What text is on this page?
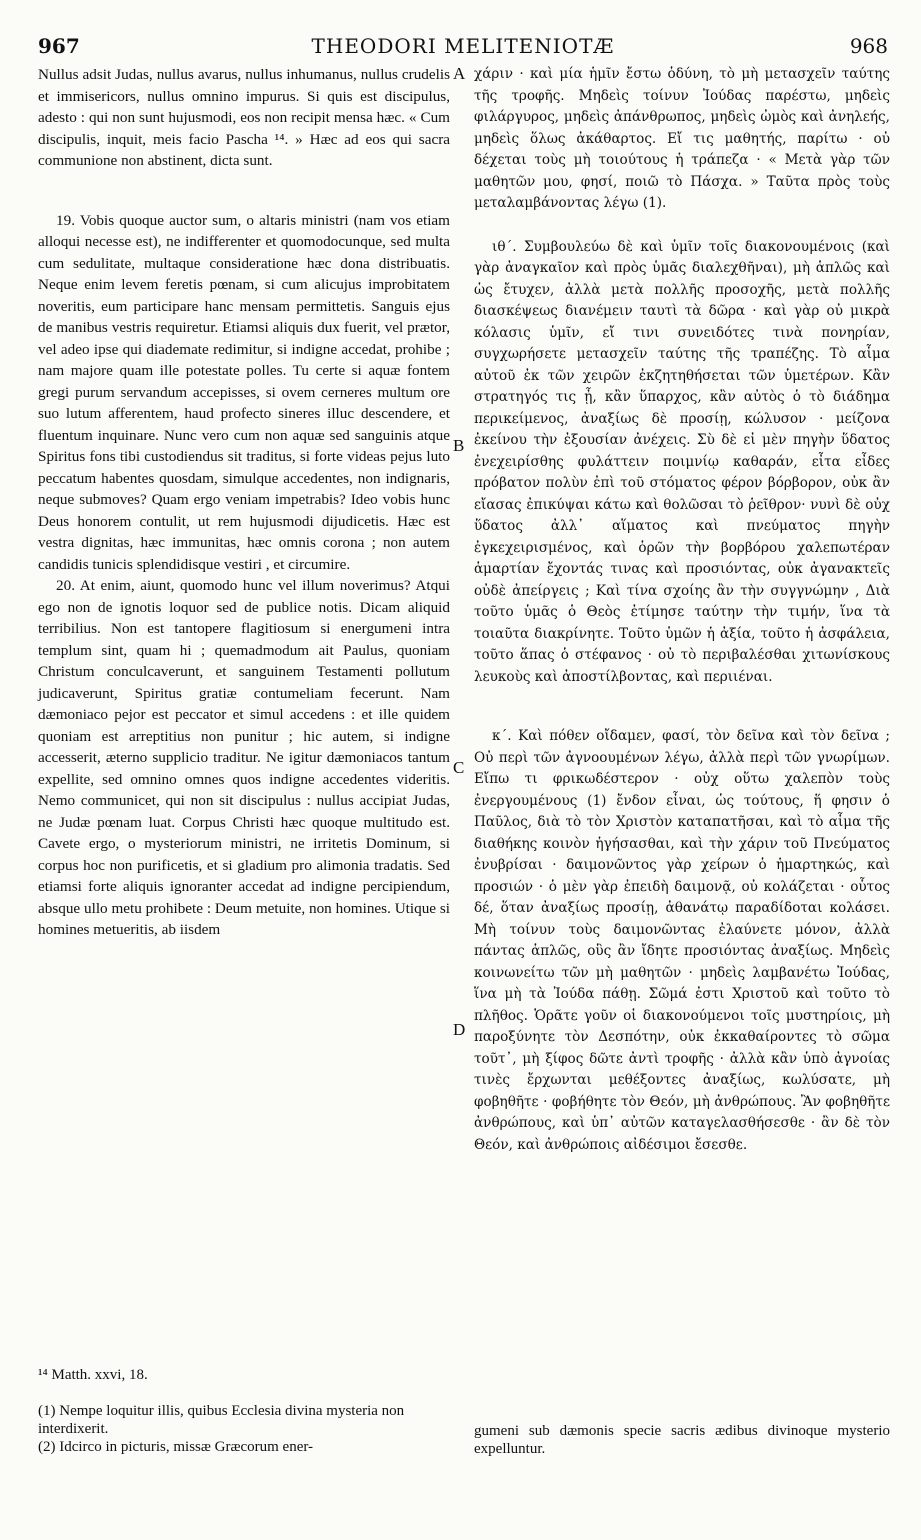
967	THEODORI MELITENIOTÆ	968
A
B
C
D

Nullus adsit Judas, nullus avarus, nullus inhumanus, nullus crudelis et immisericors, nullus omnino impurus. Si quis est discipulus, adesto : qui non sunt hujusmodi, eos non recipit mensa hæc. « Cum discipulis, inquit, meis facio Pascha ¹⁴. » Hæc ad eos qui sacra communione non abstinent, dicta sunt.

19. Vobis quoque auctor sum, o altaris ministri (nam vos etiam alloqui necesse est), ne indifferenter et quomodocunque, sed multa cum sedulitate, multaque consideratione hæc dona distribuatis. Neque enim levem feretis pœnam, si cum alicujus improbitatem noveritis, eum participare hanc mensam permittetis. Sanguis ejus de manibus vestris requiretur. Etiamsi aliquis dux fuerit, vel prætor, vel adeo ipse qui diademate redimitur, si indigne accedat, prohibe ; nam majore quam ille potestate polles. Tu certe si aquæ fontem gregi purum servandum accepisses, si ovem cerneres multum ore suo lutum afferentem, haud profecto sineres illuc descendere, et fluentum inquinare. Nunc vero cum non aquæ sed sanguinis atque Spiritus fons tibi custodiendus sit traditus, si forte videas pejus luto peccatum habentes quosdam, simulque accedentes, non indignaris, neque submoves? Quam ergo veniam impetrabis? Ideo vobis hunc Deus honorem contulit, ut rem hujusmodi dijudicetis. Hæc est vestra dignitas, hæc immunitas, hæc omnis corona ; non autem candidis tunicis splendidisque vestiri , et circumire.

20. At enim, aiunt, quomodo hunc vel illum noverimus? Atqui ego non de ignotis loquor sed de publice notis. Dicam aliquid terribilius. Non est tantopere flagitiosum si energumeni intra templum sint, quam hi ; quemadmodum ait Paulus, quoniam Christum conculcaverunt, et sanguinem Testamenti pollutum judicaverunt, Spiritus gratiæ contumeliam fecerunt. Nam dæmoniaco pejor est peccator et simul accedens : et ille quidem quoniam est arreptitius non punitur ; hic autem, si indigne accesserit, æterno supplicio traditur. Ne igitur dæmoniacos tantum expellite, sed omnino omnes quos indigne accedentes videritis. Nemo communicet, qui non sit discipulus : nullus accipiat Judas, ne Judæ pœnam luat. Corpus Christi hæc quoque multitudo est. Cavete ergo, o mysteriorum ministri, ne irritetis Dominum, si corpus hoc non purificetis, et si gladium pro alimonia tradatis. Sed etiamsi forte aliquis ignoranter accedat ad indigne percipiendum, absque ullo metu prohibete : Deum metuite, non homines. Utique si homines metueritis, ab iisdem

χάριν · καὶ μία ἡμῖν ἔστω ὁδύνη, τὸ μὴ μετασχεῖν ταύτης τῆς τροφῆς. Μηδεὶς τοίνυν Ἰούδας παρέστω, μηδεὶς φιλάργυρος, μηδεὶς ἀπάνθρωπος, μηδεὶς ὠμὸς καὶ ἀνηλεής, μηδεὶς ὅλως ἀκάθαρτος. Εἴ τις μαθητής, παρίτω · οὐ δέχεται τοὺς μὴ τοιούτους ἡ τράπεζα · « Μετὰ γὰρ τῶν μαθητῶν μου, φησί, ποιῶ τὸ Πάσχα. » Ταῦτα πρὸς τοὺς μεταλαμβάνοντας λέγω (1).

ιθ΄. Συμβουλεύω δὲ καὶ ὑμῖν τοῖς διακονουμένοις (καὶ γὰρ ἀναγκαῖον καὶ πρὸς ὑμᾶς διαλεχθῆναι), μὴ ἁπλῶς καὶ ὡς ἔτυχεν, ἀλλὰ μετὰ πολλῆς προσοχῆς, μετὰ πολλῆς διασκέψεως διανέμειν ταυτὶ τὰ δῶρα · καὶ γὰρ οὐ μικρὰ κόλασις ὑμῖν, εἴ τινι συνειδότες τινὰ πονηρίαν, συγχωρήσετε μετασχεῖν ταύτης τῆς τραπέζης. Τὸ αἷμα αὐτοῦ ἐκ τῶν χειρῶν ἐκζητηθήσεται τῶν ὑμετέρων. Κἂν στρατηγός τις ᾖ, κἂν ὕπαρχος, κἂν αὐτὸς ὁ τὸ διάδημα περικείμενος, ἀναξίως δὲ προσίῃ, κώλυσον · μείζονα ἐκείνου τὴν ἐξουσίαν ἀνέχεις. Σὺ δὲ εἰ μὲν πηγὴν ὕδατος ἐνεχειρίσθης φυλάττειν ποιμνίῳ καθαράν, εἶτα εἶδες πρόβατον πολὺν ἐπὶ τοῦ στόματος φέρον βόρβορον, οὐκ ἂν εἴασας ἐπικύψαι κάτω καὶ θολῶσαι τὸ ῥεῖθρον· νυνὶ δὲ οὐχ ὕδατος ἀλλ᾽ αἵματος καὶ πνεύματος πηγὴν ἐγκεχειρισμένος, καὶ ὁρῶν τὴν βορβόρου χαλεπωτέραν ἁμαρτίαν ἔχοντάς τινας καὶ προσιόντας, οὐκ ἀγανακτεῖς οὐδὲ ἀπείργεις ; Καὶ τίνα σχοίης ἂν τὴν συγγνώμην , Διὰ τοῦτο ὑμᾶς ὁ Θεὸς ἐτίμησε ταύτην τὴν τιμήν, ἵνα τὰ τοιαῦτα διακρίνητε. Τοῦτο ὑμῶν ἡ ἀξία, τοῦτο ἡ ἀσφάλεια, τοῦτο ἅπας ὁ στέφανος · οὐ τὸ περιβαλέσθαι χιτωνίσκους λευκοὺς καὶ ἀποστίλβοντας, καὶ περιιέναι.

κ΄. Καὶ πόθεν οἴδαμεν, φασί, τὸν δεῖνα καὶ τὸν δεῖνα ; Οὐ περὶ τῶν ἀγνοουμένων λέγω, ἀλλὰ περὶ τῶν γνωρίμων. Εἴπω τι φρικωδέστερον · οὐχ οὕτω χαλεπὸν τοὺς ἐνεργουμένους (1) ἔνδον εἶναι, ὡς τούτους, ἥ φησιν ὁ Παῦλος, διὰ τὸ τὸν Χριστὸν καταπατῆσαι, καὶ τὸ αἷμα τῆς διαθήκης κοινὸν ἡγήσασθαι, καὶ τὴν χάριν τοῦ Πνεύματος ἐνυβρίσαι · δαιμονῶντος γὰρ χείρων ὁ ἡμαρτηκώς, καὶ προσιών · ὁ μὲν γὰρ ἐπειδὴ δαιμονᾷ, οὐ κολάζεται · οὗτος δέ, ὅταν ἀναξίως προσίῃ, ἀθανάτῳ παραδίδοται κολάσει. Μὴ τοίνυν τοὺς δαιμονῶντας ἐλαύνετε μόνον, ἀλλὰ πάντας ἁπλῶς, οὓς ἂν ἴδητε προσιόντας ἀναξίως. Μηδεὶς κοινωνείτω τῶν μὴ μαθητῶν · μηδεὶς λαμβανέτω Ἰούδας, ἵνα μὴ τὰ Ἰούδα πάθῃ. Σῶμά ἐστι Χριστοῦ καὶ τοῦτο τὸ πλῆθος. Ὁρᾶτε γοῦν οἱ διακονούμενοι τοῖς μυστηρίοις, μὴ παροξύνητε τὸν Δεσπότην, οὐκ ἐκκαθαίροντες τὸ σῶμα τοῦτ᾽, μὴ ξίφος δῶτε ἀντὶ τροφῆς · ἀλλὰ κἂν ὑπὸ ἀγνοίας τινὲς ἔρχωνται μεθέξοντες ἀναξίως, κωλύσατε, μὴ φοβηθῆτε · φοβήθητε τὸν Θεόν, μὴ ἀνθρώπους. Ἂν φοβηθῆτε ἀνθρώπους, καὶ ὑπ᾽ αὐτῶν καταγελασθήσεσθε · ἂν δὲ τὸν Θεόν, καὶ ἀνθρώποις αἰδέσιμοι ἔσεσθε.

¹⁴ Matth. xxvi, 18.

(1) Nempe loquitur illis, quibus Ecclesia divina mysteria non interdixerit.

(2) Idcirco in picturis, missæ Græcorum ener-

gumeni sub dæmonis specie sacris ædibus divinoque mysterio expelluntur.
